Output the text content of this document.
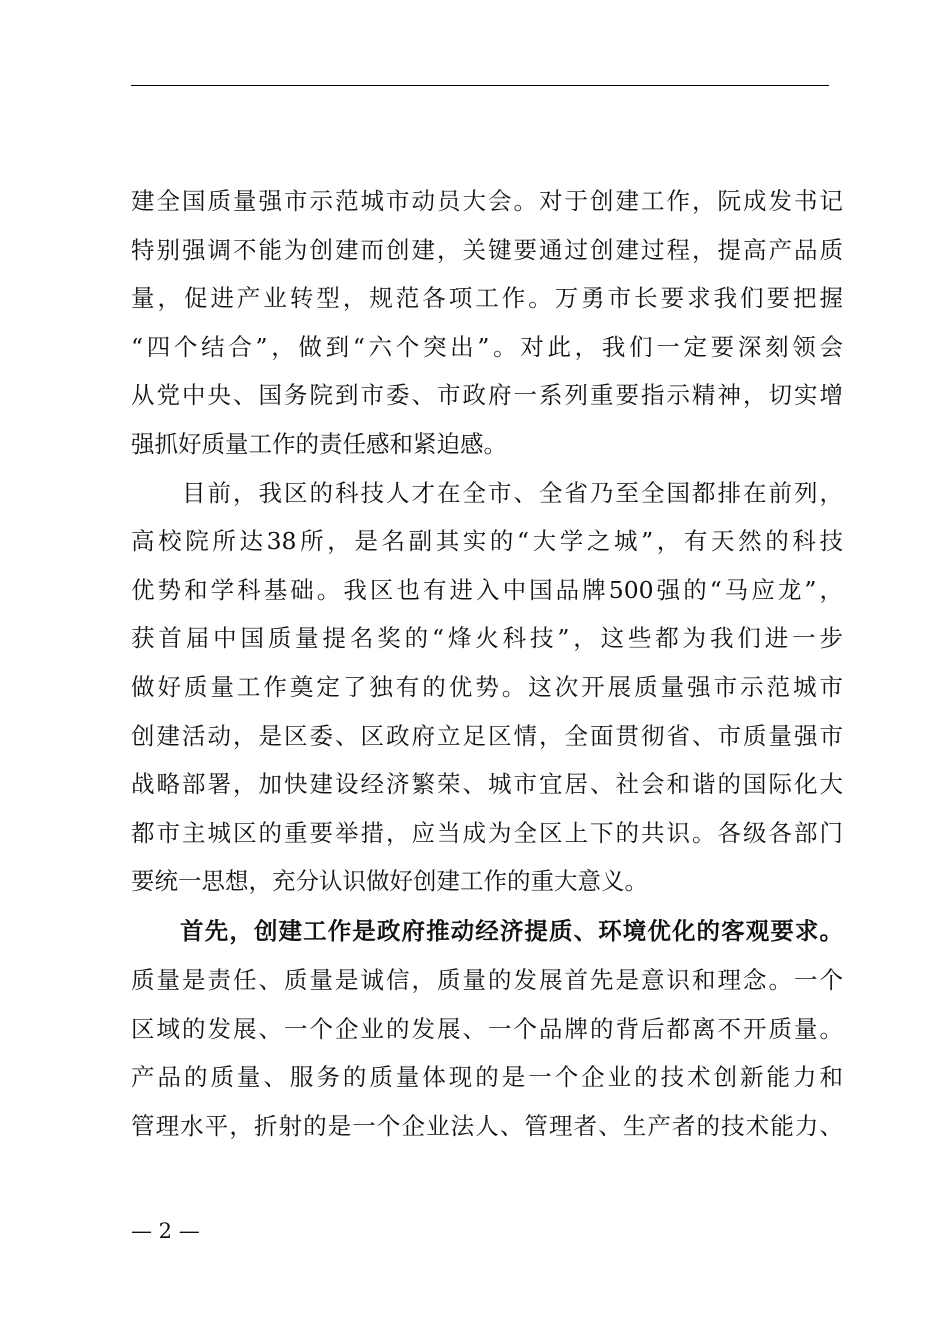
建全国质量强市示范城市动员大会。对于创建工作，阮成发书记
特别强调不能为创建而创建，关键要通过创建过程，提高产品质
量，促进产业转型，规范各项工作。万勇市长要求我们要把握
“四个结合”，做到“六个突出”。对此，我们一定要深刻领会
从党中央、国务院到市委、市政府一系列重要指示精神，切实增
强抓好质量工作的责任感和紧迫感。
　　目前，我区的科技人才在全市、全省乃至全国都排在前列，
高校院所达38所，是名副其实的“大学之城”，有天然的科技
优势和学科基础。我区也有进入中国品牌500强的“马应龙”，
获首届中国质量提名奖的“烽火科技”，这些都为我们进一步
做好质量工作奠定了独有的优势。这次开展质量强市示范城市
创建活动，是区委、区政府立足区情，全面贯彻省、市质量强市
战略部署，加快建设经济繁荣、城市宜居、社会和谐的国际化大
都市主城区的重要举措，应当成为全区上下的共识。各级各部门
要统一思想，充分认识做好创建工作的重大意义。
　　首先，创建工作是政府推动经济提质、环境优化的客观要求。
质量是责任、质量是诚信，质量的发展首先是意识和理念。一个
区域的发展、一个企业的发展、一个品牌的背后都离不开质量。
产品的质量、服务的质量体现的是一个企业的技术创新能力和
管理水平，折射的是一个企业法人、管理者、生产者的技术能力、
— 2 —
